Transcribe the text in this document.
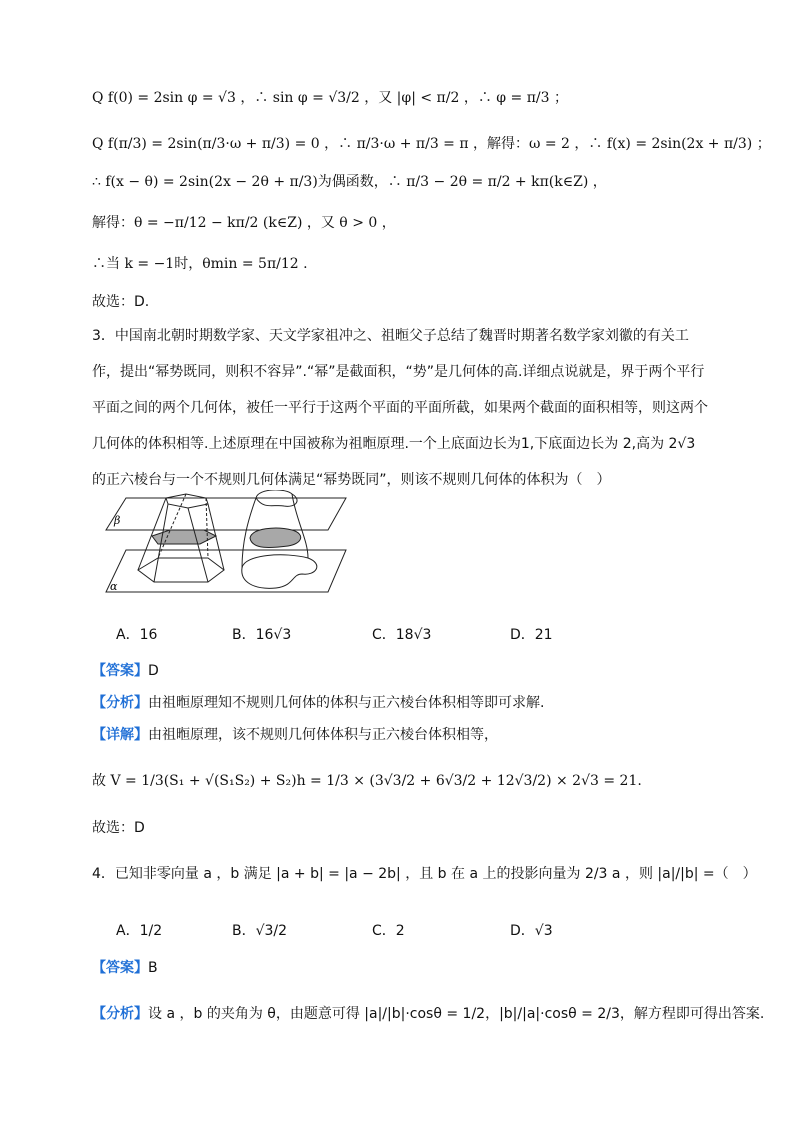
Q f(0) = 2sin φ = √3 ，∴ sin φ = √3/2 ，又 |φ| < π/2 ，∴ φ = π/3 ；
Q f(π/3) = 2sin(π/3·ω + π/3) = 0 ，∴ π/3·ω + π/3 = π ，解得：ω = 2 ，∴ f(x) = 2sin(2x + π/3) ；
∴ f(x − θ) = 2sin(2x − 2θ + π/3)为偶函数，∴ π/3 − 2θ = π/2 + kπ(k∈Z) ，
解得：θ = −π/12 − kπ/2 (k∈Z) ，又 θ > 0 ，
∴当 k = −1时，θmin = 5π/12 .
故选：D.
3．中国南北朝时期数学家、天文学家祖冲之、祖暅父子总结了魏晋时期著名数学家刘徽的有关工作，提出“幂势既同，则积不容异”.“幂”是截面积，“势”是几何体的高.详细点说就是，界于两个平行平面之间的两个几何体，被任一平行于这两个平面的平面所截，如果两个截面的面积相等，则这两个几何体的体积相等.上述原理在中国被称为祖暅原理.一个上底面边长为1,下底面边长为 2,高为 2√3 的正六棱台与一个不规则几何体满足“幂势既同”，则该不规则几何体的体积为（　）
β
α
A．16	B．16√3	C．18√3	D．21
【答案】D
【分析】由祖暅原理知不规则几何体的体积与正六棱台体积相等即可求解.
【详解】由祖暅原理，该不规则几何体体积与正六棱台体积相等，
故 V = 1/3(S₁ + √(S₁S₂) + S₂)h = 1/3 × (3√3/2 + 6√3/2 + 12√3/2) × 2√3 = 21.
故选：D
4．已知非零向量 a ，b 满足 |a + b| = |a − 2b| ，且 b 在 a 上的投影向量为 2/3 a ，则 |a|/|b| =（　）
A．1/2	B．√3/2	C．2	D．√3
【答案】B
【分析】设 a ，b 的夹角为 θ，由题意可得 |a|/|b|·cosθ = 1/2，|b|/|a|·cosθ = 2/3，解方程即可得出答案.
